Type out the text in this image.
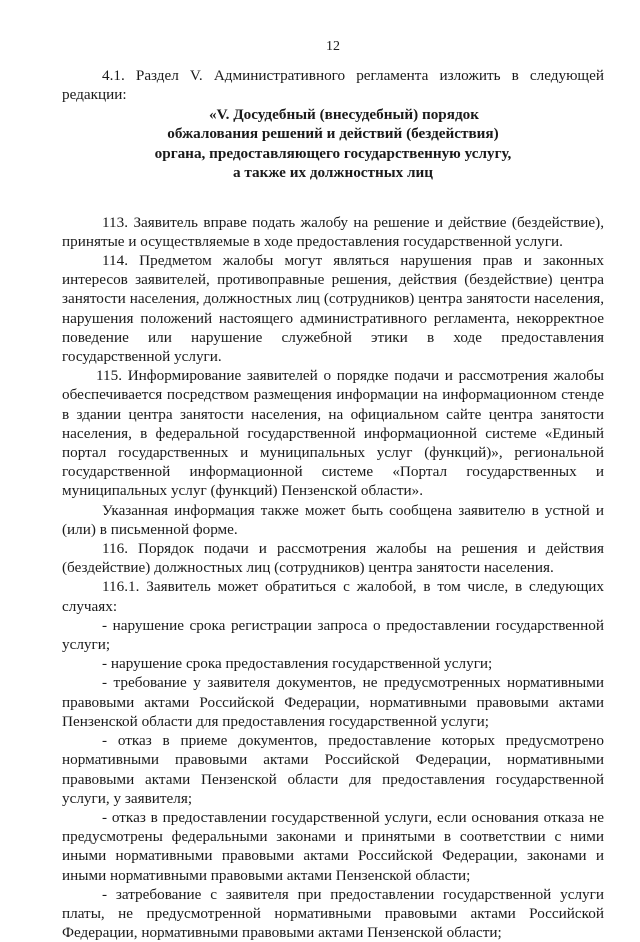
12

4.1. Раздел V. Административного регламента изложить в следующей редакции:

«V. Досудебный (внесудебный) порядок
обжалования решений и действий (бездействия)
органа, предоставляющего государственную услугу,
а также их должностных лиц

113. Заявитель вправе подать жалобу на решение и действие (бездействие), принятые и осуществляемые в ходе предоставления государственной услуги.

114. Предметом жалобы могут являться нарушения прав и законных интересов заявителей, противоправные решения, действия (бездействие) центра занятости населения, должностных лиц (сотрудников) центра занятости населения, нарушения положений настоящего административного регламента, некорректное поведение или нарушение служебной этики в ходе предоставления государственной услуги.

115. Информирование заявителей о порядке подачи и рассмотрения жалобы обеспечивается посредством размещения информации на информационном стенде в здании центра занятости населения, на официальном сайте центра занятости населения, в федеральной государственной информационной системе «Единый портал государственных и муниципальных услуг (функций)», региональной государственной информационной системе «Портал государственных и муниципальных услуг (функций) Пензенской области».

Указанная информация также может быть сообщена заявителю в устной и (или) в письменной форме.

116. Порядок подачи и рассмотрения жалобы на решения и действия (бездействие) должностных лиц (сотрудников) центра занятости населения.

116.1. Заявитель может обратиться с жалобой, в том числе, в следующих случаях:

- нарушение срока регистрации запроса о предоставлении государственной услуги;

- нарушение срока предоставления государственной услуги;

- требование у заявителя документов, не предусмотренных нормативными правовыми актами Российской Федерации, нормативными правовыми актами Пензенской области для предоставления государственной услуги;

- отказ в приеме документов, предоставление которых предусмотрено нормативными правовыми актами Российской Федерации, нормативными правовыми актами Пензенской области для предоставления государственной услуги, у заявителя;

- отказ в предоставлении государственной услуги, если основания отказа не предусмотрены федеральными законами и принятыми в соответствии с ними иными нормативными правовыми актами Российской Федерации, законами и иными нормативными правовыми актами Пензенской области;

- затребование с заявителя при предоставлении государственной услуги платы, не предусмотренной нормативными правовыми актами Российской Федерации, нормативными правовыми актами Пензенской области;
